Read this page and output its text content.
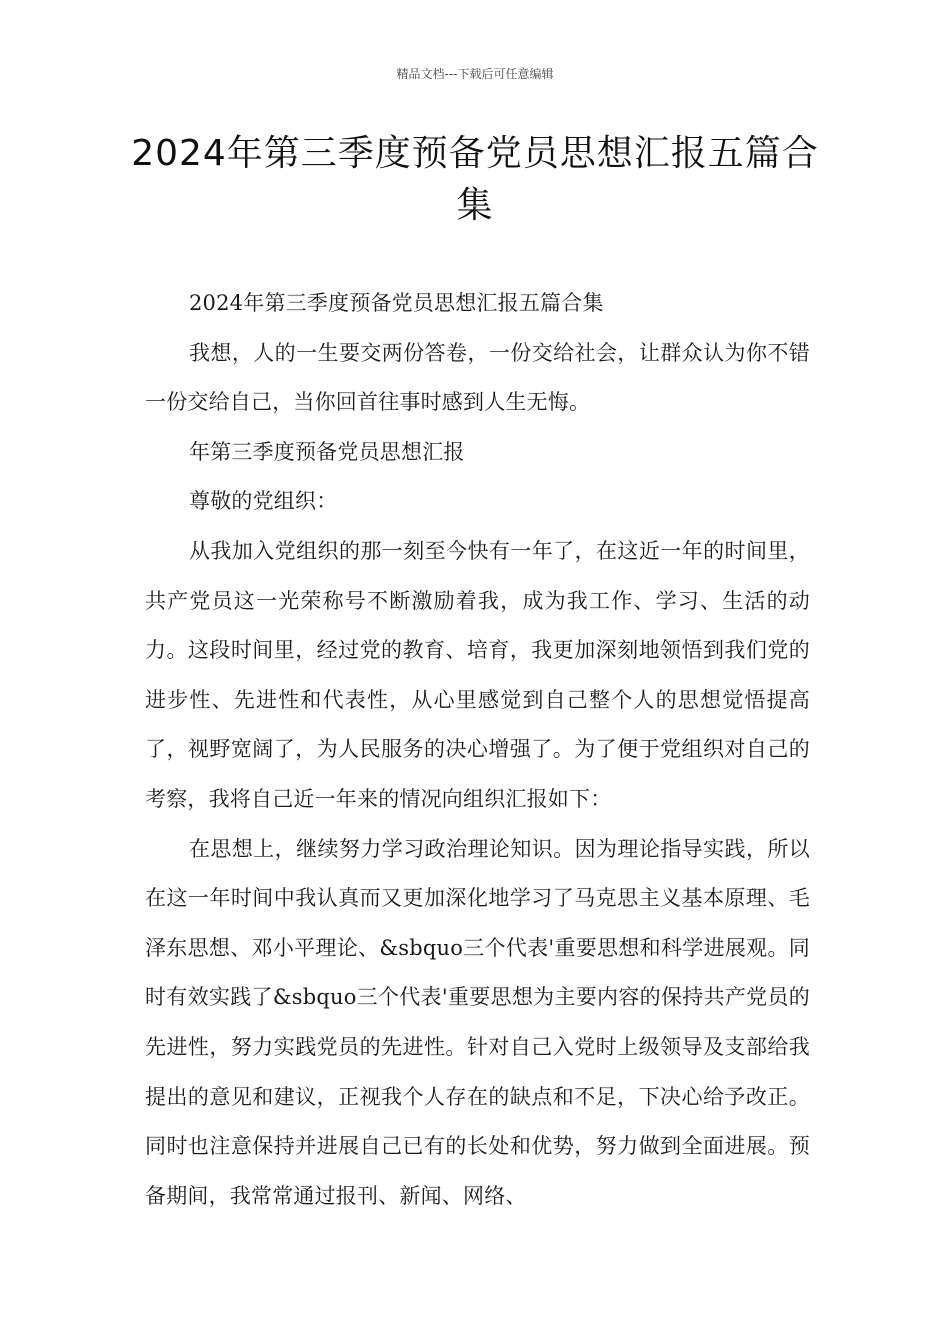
精品文档---下载后可任意编辑
2024年第三季度预备党员思想汇报五篇合集

2024年第三季度预备党员思想汇报五篇合集

我想，人的一生要交两份答卷，一份交给社会，让群众认为你不错一份交给自己，当你回首往事时感到人生无悔。

年第三季度预备党员思想汇报

尊敬的党组织：

从我加入党组织的那一刻至今快有一年了，在这近一年的时间里，共产党员这一光荣称号不断激励着我，成为我工作、学习、生活的动力。这段时间里，经过党的教育、培育，我更加深刻地领悟到我们党的进步性、先进性和代表性，从心里感觉到自己整个人的思想觉悟提高了，视野宽阔了，为人民服务的决心增强了。为了便于党组织对自己的考察，我将自己近一年来的情况向组织汇报如下：

在思想上，继续努力学习政治理论知识。因为理论指导实践，所以在这一年时间中我认真而又更加深化地学习了马克思主义基本原理、毛泽东思想、邓小平理论、&sbquo三个代表'重要思想和科学进展观。同时有效实践了&sbquo三个代表'重要思想为主要内容的保持共产党员的先进性，努力实践党员的先进性。针对自己入党时上级领导及支部给我提出的意见和建议，正视我个人存在的缺点和不足，下决心给予改正。同时也注意保持并进展自己已有的长处和优势，努力做到全面进展。预备期间，我常常通过报刊、新闻、网络、
